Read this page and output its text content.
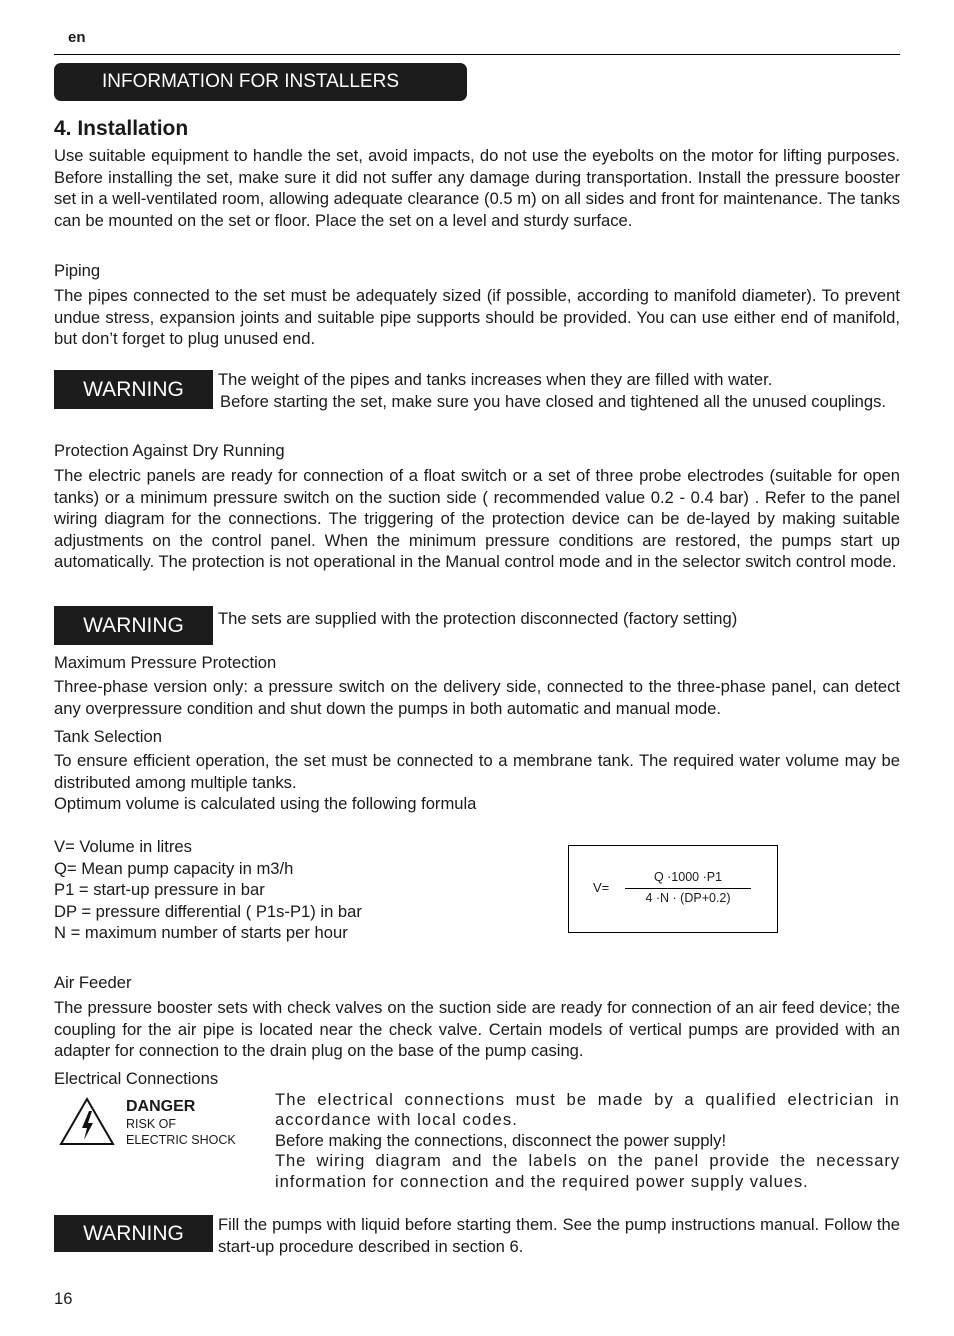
en
INFORMATION FOR INSTALLERS
4. Installation
Use suitable equipment to handle the set, avoid impacts, do not use the eyebolts on the motor for lifting purposes. Before installing the set, make sure it did not suffer any damage during transportation. Install the pressure booster set in a well-ventilated room, allowing adequate clearance (0.5 m) on all sides and front for maintenance. The tanks can be mounted on the set or floor. Place the set on a level and sturdy surface.
Piping
The pipes connected to the set must be adequately sized (if possible, according to manifold diameter). To prevent undue stress, expansion joints and suitable pipe supports should be provided. You can use either end of manifold, but don’t forget to plug unused end.
WARNING	The weight of the pipes and tanks increases when they are filled with water.
Before starting the set, make sure you have closed and tightened all the unused couplings.
Protection Against Dry Running
The electric panels are ready for connection of a float switch or a set of three probe electrodes (suitable for open tanks) or a minimum pressure switch on the suction side ( recommended value 0.2 - 0.4 bar) . Refer to the panel wiring diagram for the connections. The triggering of the protection device can be de-layed by making suitable adjustments on the control panel. When the minimum pressure conditions are restored, the pumps start up automatically. The protection is not operational in the Manual control mode and in the selector switch control mode.
WARNING	The sets are supplied with the protection disconnected (factory setting)
Maximum Pressure Protection
Three-phase version only: a pressure switch on the delivery side, connected to the three-phase panel, can detect any overpressure condition and shut down the pumps in both automatic and manual mode.
Tank Selection
To ensure efficient operation, the set must be connected to a membrane tank. The required water volume may be distributed among multiple tanks.
Optimum volume is calculated using the following formula
V= Volume in litres
Q= Mean pump capacity in m3/h
P1 = start-up pressure in bar
DP = pressure differential ( P1s-P1) in bar
N = maximum number of starts per hour
V=
Q ·1000 ·P1
4 ·N · (DP+0.2)
Air Feeder
The pressure booster sets with check valves on the suction side are ready for connection of an air feed device; the coupling for the air pipe is located near the check valve. Certain models of vertical pumps are provided with an adapter for connection to the drain plug on the base of the pump casing.
Electrical Connections
DANGER
RISK OF
ELECTRIC SHOCK
The electrical connections must be made by a qualified electrician in accordance with local codes.
Before making the connections, disconnect the power supply!
The wiring diagram and the labels on the panel provide the necessary information for connection and the required power supply values.
WARNING	Fill the pumps with liquid before starting them. See the pump instructions manual. Follow the start-up procedure described in section 6.
16
